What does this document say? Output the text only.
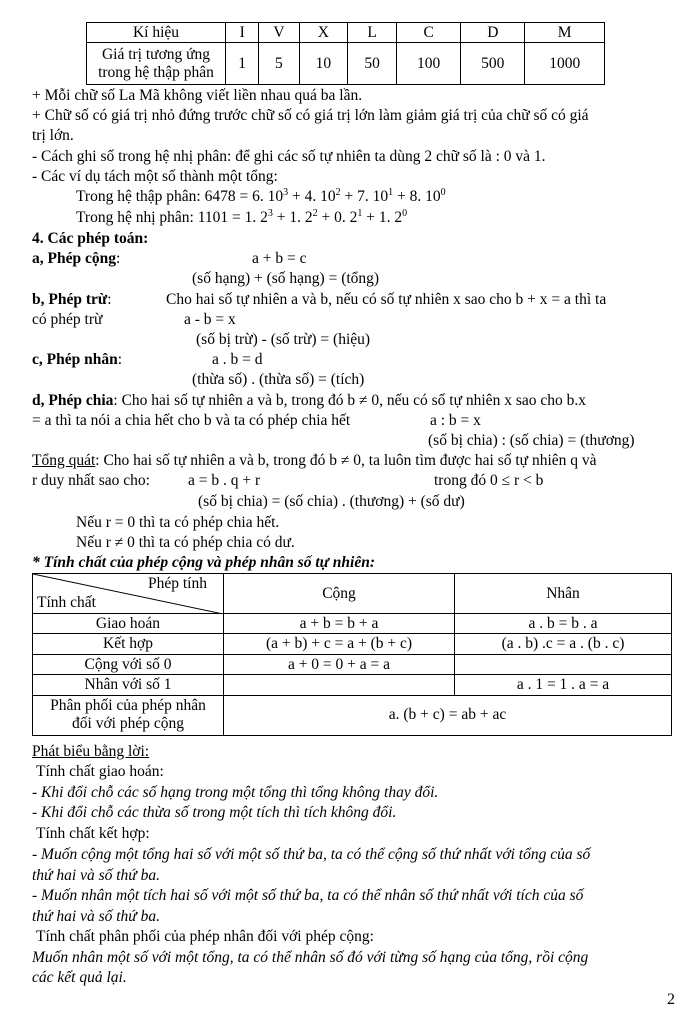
Kí hiệu	I	V	X	L	C	D	M

Giá trị tương ứng
trong hệ thập phân	1	5	10	50	100	500	1000
+ Mỗi chữ số La Mã không viết liền nhau quá ba lần.
+ Chữ số có giá trị nhỏ đứng trước chữ số có giá trị lớn làm giảm giá trị của chữ số có giá
trị lớn.
- Cách ghi số trong hệ nhị phân: để ghi các số tự nhiên ta dùng 2 chữ số là : 0 và 1.
- Các ví dụ tách một số thành một tổng:
Trong hệ thập phân: 6478 = 6. $10^3 + 4$. $10^2 + 7$. $10^1 + 8$. $10^0$
Trong hệ nhị phân: 1101 = 1. $2^3 + 1$. $2^2 + 0$. $2^1 + 1$. $2^0$
4. Các phép toán:
a, Phép cộng:	a + b = c
(số hạng) + (số hạng) = (tổng)
b, Phép trừ:	Cho hai số tự nhiên a và b, nếu có số tự nhiên x sao cho b + x = a thì ta
có phép trừ	a - b = x
(số bị trừ) - (số trừ) = (hiệu)
c, Phép nhân:	a . b = d
(thừa số) . (thừa số) = (tích)
d, Phép chia: Cho hai số tự nhiên a và b, trong đó b ≠ 0, nếu có số tự nhiên x sao cho b.x
= a thì ta nói a chia hết cho b và ta có phép chia hết	a : b = x
(số bị chia) : (số chia) = (thương)
Tổng quát: Cho hai số tự nhiên a và b, trong đó b ≠ 0, ta luôn tìm được hai số tự nhiên q và
r duy nhất sao cho: a = b . q + r	trong đó 0 ≤ r < b
(số bị chia) = (số chia) . (thương) + (số dư)
Nếu r = 0 thì ta có phép chia hết.
Nếu r ≠ 0 thì ta có phép chia có dư.
* Tính chất của phép cộng và phép nhân số tự nhiên:
Phép tính
Tính chất	Cộng	Nhân
Giao hoán	a + b = b + a	a . b = b . a
Kết hợp	(a + b) + c = a + (b + c)	(a . b) .c = a . (b . c)
Cộng với số 0	a + 0 = 0 + a = a	
Nhân với số 1		a . 1 = 1 . a = a

Phân phối của phép nhân
đối với phép cộng	a. (b + c) = ab + ac	
Phát biểu bằng lời:
Tính chất giao hoán:
- Khi đổi chỗ các số hạng trong một tổng thì tổng không thay đổi.
- Khi đổi chỗ các thừa số trong một tích thì tích không đổi.
Tính chất kết hợp:
- Muốn cộng một tổng hai số với một số thứ ba, ta có thể cộng số thứ nhất với tổng của số
thứ hai và số thứ ba.
- Muốn nhân một tích hai số với một số thứ ba, ta có thể nhân số thứ nhất với tích của số
thứ hai và số thứ ba.
Tính chất phân phối của phép nhân đối với phép cộng:
Muốn nhân một số với một tổng, ta có thể nhân số đó với từng số hạng của tổng, rồi cộng
các kết quả lại.
2
